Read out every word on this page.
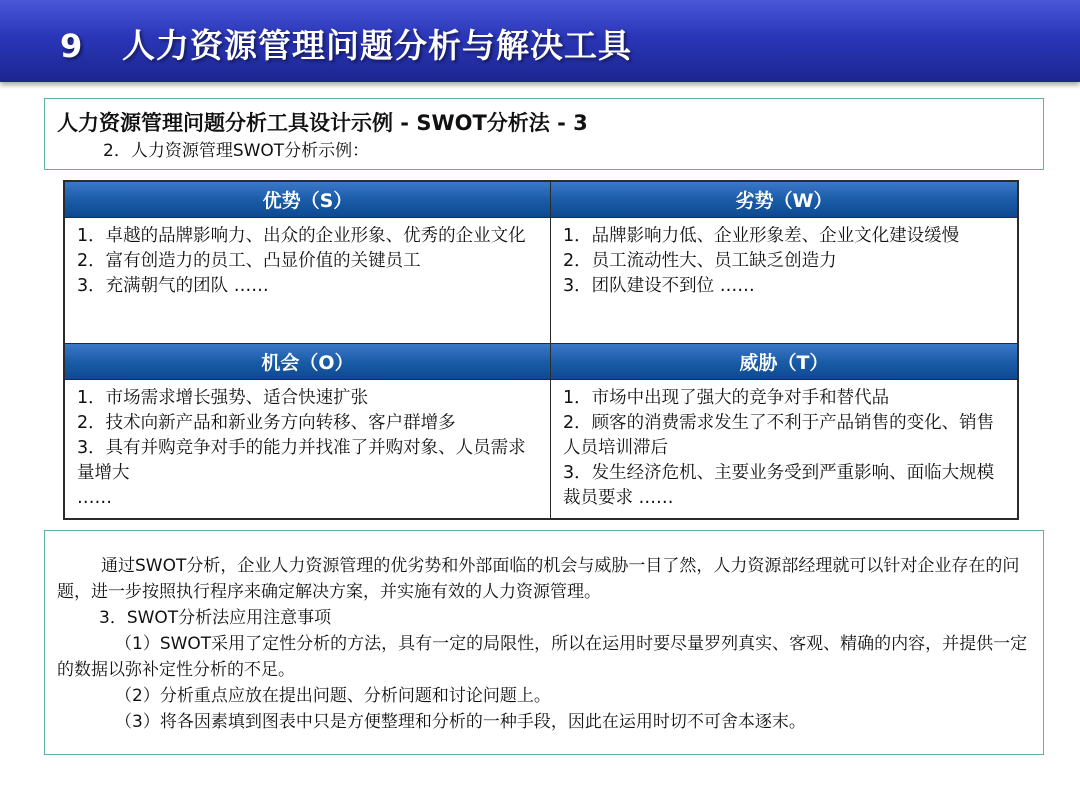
9 人力资源管理问题分析与解决工具
人力资源管理问题分析工具设计示例 - SWOT分析法 - 3
2．人力资源管理SWOT分析示例：
优势（S）	劣势（W）
1．卓越的品牌影响力、出众的企业形象、优秀的企业文化
2．富有创造力的员工、凸显价值的关键员工
3．充满朝气的团队 ……
1．品牌影响力低、企业形象差、企业文化建设缓慢
2．员工流动性大、员工缺乏创造力
3．团队建设不到位 ……
机会（O）	威胁（T）
1．市场需求增长强势、适合快速扩张
2．技术向新产品和新业务方向转移、客户群增多
3．具有并购竞争对手的能力并找准了并购对象、人员需求量增大
……
1．市场中出现了强大的竞争对手和替代品
2．顾客的消费需求发生了不利于产品销售的变化、销售人员培训滞后
3．发生经济危机、主要业务受到严重影响、面临大规模裁员要求 ……

通过SWOT分析，企业人力资源管理的优劣势和外部面临的机会与威胁一目了然，人力资源部经理就可以针对企业存在的问题，进一步按照执行程序来确定解决方案，并实施有效的人力资源管理。

3．SWOT分析法应用注意事项

（1）SWOT采用了定性分析的方法，具有一定的局限性，所以在运用时要尽量罗列真实、客观、精确的内容，并提供一定的数据以弥补定性分析的不足。

（2）分析重点应放在提出问题、分析问题和讨论问题上。

（3）将各因素填到图表中只是方便整理和分析的一种手段，因此在运用时切不可舍本逐末。
